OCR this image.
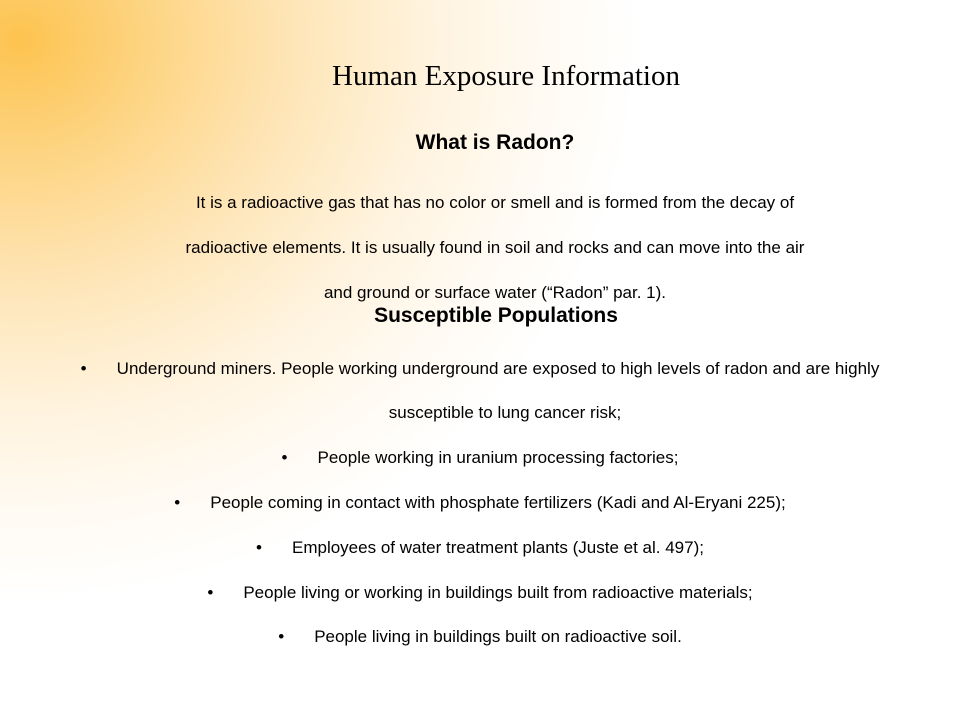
Human Exposure Information
What is Radon?

It is a radioactive gas that has no color or smell and is formed from the decay of
radioactive elements. It is usually found in soil and rocks and can move into the air
and ground or surface water (“Radon” par. 1).

Susceptible Populations
• Underground miners. People working underground are exposed to high levels of radon and are highly
susceptible to lung cancer risk;
• People working in uranium processing factories;
• People coming in contact with phosphate fertilizers (Kadi and Al-Eryani 225);
• Employees of water treatment plants (Juste et al. 497);
• People living or working in buildings built from radioactive materials;
• People living in buildings built on radioactive soil.
